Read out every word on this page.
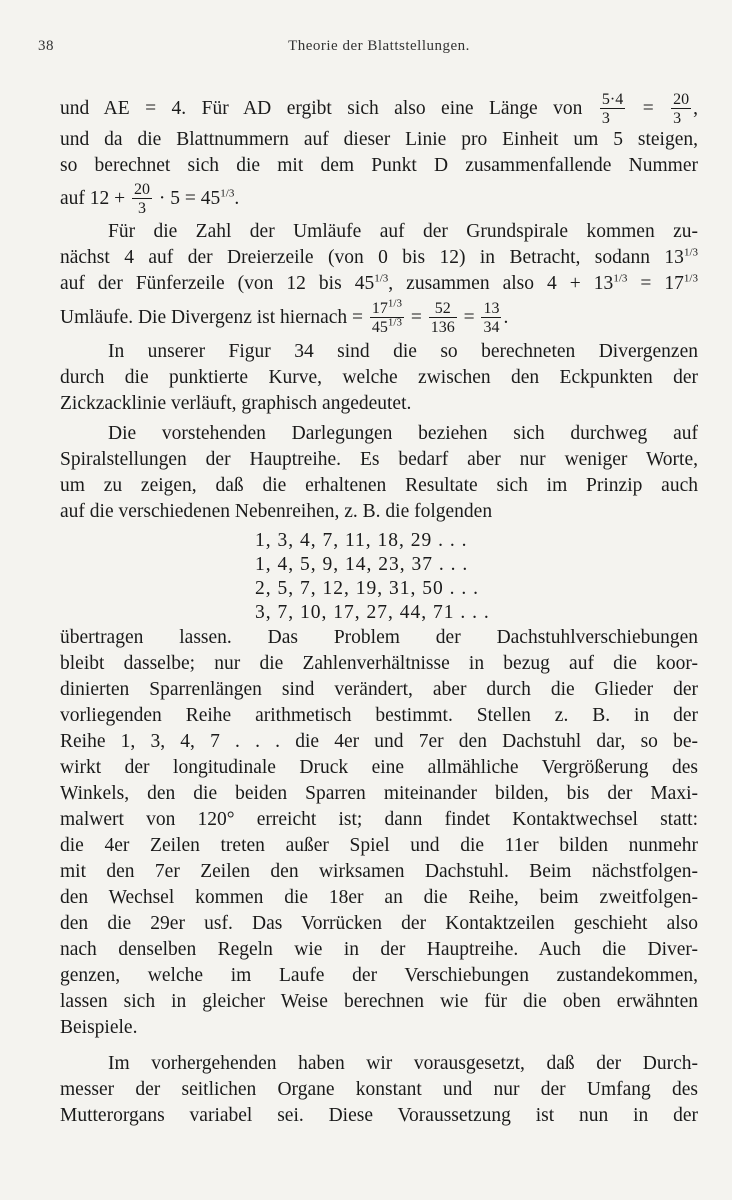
38	Theorie der Blattstellungen.
und AE = 4. Für AD ergibt sich also eine Länge von $\frac{5\cdot 4}{3} = \frac{20}{3}$ ,
und da die Blattnummern auf dieser Linie pro Einheit um 5 steigen,
so berechnet sich die mit dem Punkt D zusammenfallende Nummer
auf $12 + \frac{20}{3} \cdot 5 = 45^{1/3}$.
Für die Zahl der Umläufe auf der Grundspirale kommen zu-
nächst 4 auf der Dreierzeile (von 0 bis 12) in Betracht, sodann $13^{1/3}$
auf der Fünferzeile (von 12 bis $45^{1/3}$, zusammen also $4 + 13^{1/3} = 17^{1/3}$
Umläufe. Die Divergenz ist hiernach = $\frac{17^{1/3}}{45^{1/3}} = \frac{52}{136} = \frac{13}{34}$ .
In unserer Figur 34 sind die so berechneten Divergenzen
durch die punktierte Kurve, welche zwischen den Eckpunkten der
Zickzacklinie verläuft, graphisch angedeutet.
Die vorstehenden Darlegungen beziehen sich durchweg auf
Spiralstellungen der Hauptreihe. Es bedarf aber nur weniger Worte,
um zu zeigen, daß die erhaltenen Resultate sich im Prinzip auch
auf die verschiedenen Nebenreihen, z. B. die folgenden
1, 3, 4, 7, 11, 18, 29 . . .
1, 4, 5, 9, 14, 23, 37 . . .
2, 5, 7, 12, 19, 31, 50 . . .
3, 7, 10, 17, 27, 44, 71 . . .
übertragen lassen. Das Problem der Dachstuhlverschiebungen
bleibt dasselbe; nur die Zahlenverhältnisse in bezug auf die koor-
dinierten Sparrenlängen sind verändert, aber durch die Glieder der
vorliegenden Reihe arithmetisch bestimmt. Stellen z. B. in der
Reihe 1, 3, 4, 7 . . . die 4er und 7er den Dachstuhl dar, so be-
wirkt der longitudinale Druck eine allmähliche Vergrößerung des
Winkels, den die beiden Sparren miteinander bilden, bis der Maxi-
malwert von 120° erreicht ist; dann findet Kontaktwechsel statt:
die 4er Zeilen treten außer Spiel und die 11er bilden nunmehr
mit den 7er Zeilen den wirksamen Dachstuhl. Beim nächstfolgen-
den Wechsel kommen die 18er an die Reihe, beim zweitfolgen-
den die 29er usf. Das Vorrücken der Kontaktzeilen geschieht also
nach denselben Regeln wie in der Hauptreihe. Auch die Diver-
genzen, welche im Laufe der Verschiebungen zustandekommen,
lassen sich in gleicher Weise berechnen wie für die oben erwähnten
Beispiele.
Im vorhergehenden haben wir vorausgesetzt, daß der Durch-
messer der seitlichen Organe konstant und nur der Umfang des
Mutterorgans variabel sei. Diese Voraussetzung ist nun in der
